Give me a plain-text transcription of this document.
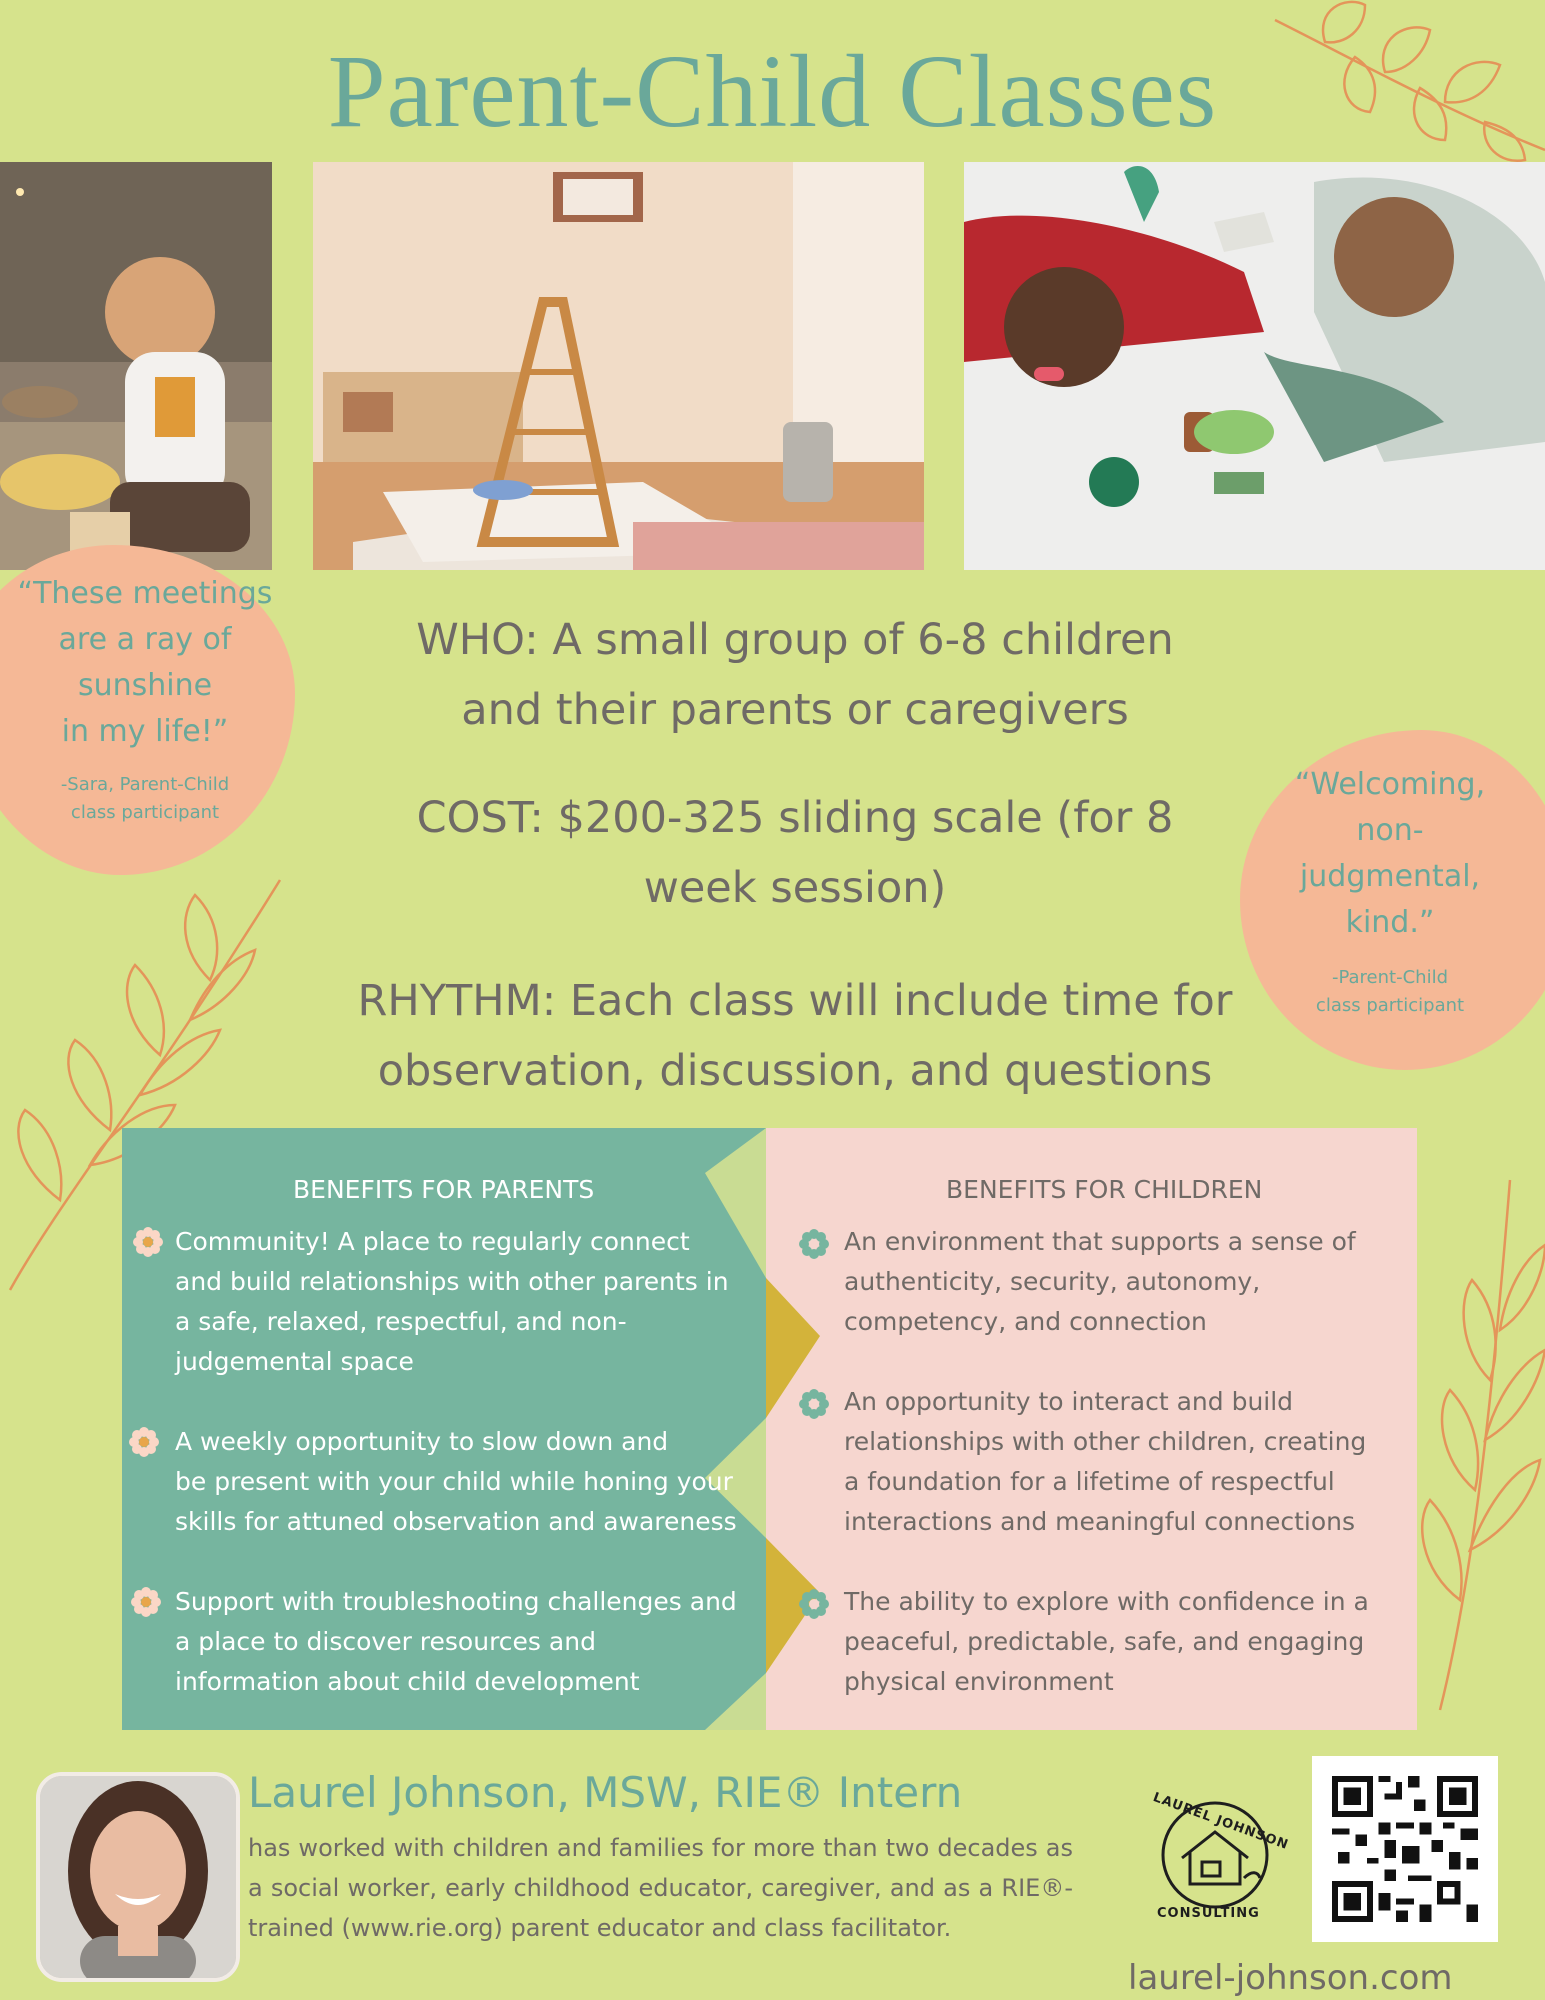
Parent-Child Classes
“These meetings
are a ray of
sunshine
in my life!”
-Sara, Parent-Child
class participant
“Welcoming,
non-
judgmental,
kind.”
-Parent-Child
class participant
WHO: A small group of 6-8 children
and their parents or caregivers
COST: $200-325 sliding scale (for 8
week session)
RHYTHM: Each class will include time for
observation, discussion, and questions
BENEFITS FOR PARENTS
Community! A place to regularly connect
and build relationships with other parents in
a safe, relaxed, respectful, and non-
judgemental space
A weekly opportunity to slow down and
be present with your child while honing your
skills for attuned observation and awareness
Support with troubleshooting challenges and
a place to discover resources and
information about child development
BENEFITS FOR CHILDREN
An environment that supports a sense of
authenticity, security, autonomy,
competency, and connection
An opportunity to interact and build
relationships with other children, creating
a foundation for a lifetime of respectful
interactions and meaningful connections
The ability to explore with confidence in a
peaceful, predictable, safe, and engaging
physical environment
Laurel Johnson, MSW, RIE® Intern
has worked with children and families for more than two decades as a social worker, early childhood educator, caregiver, and as a RIE®-trained (www.rie.org) parent educator and class facilitator.
LAUREL JOHNSON
CONSULTING
laurel-johnson.com
